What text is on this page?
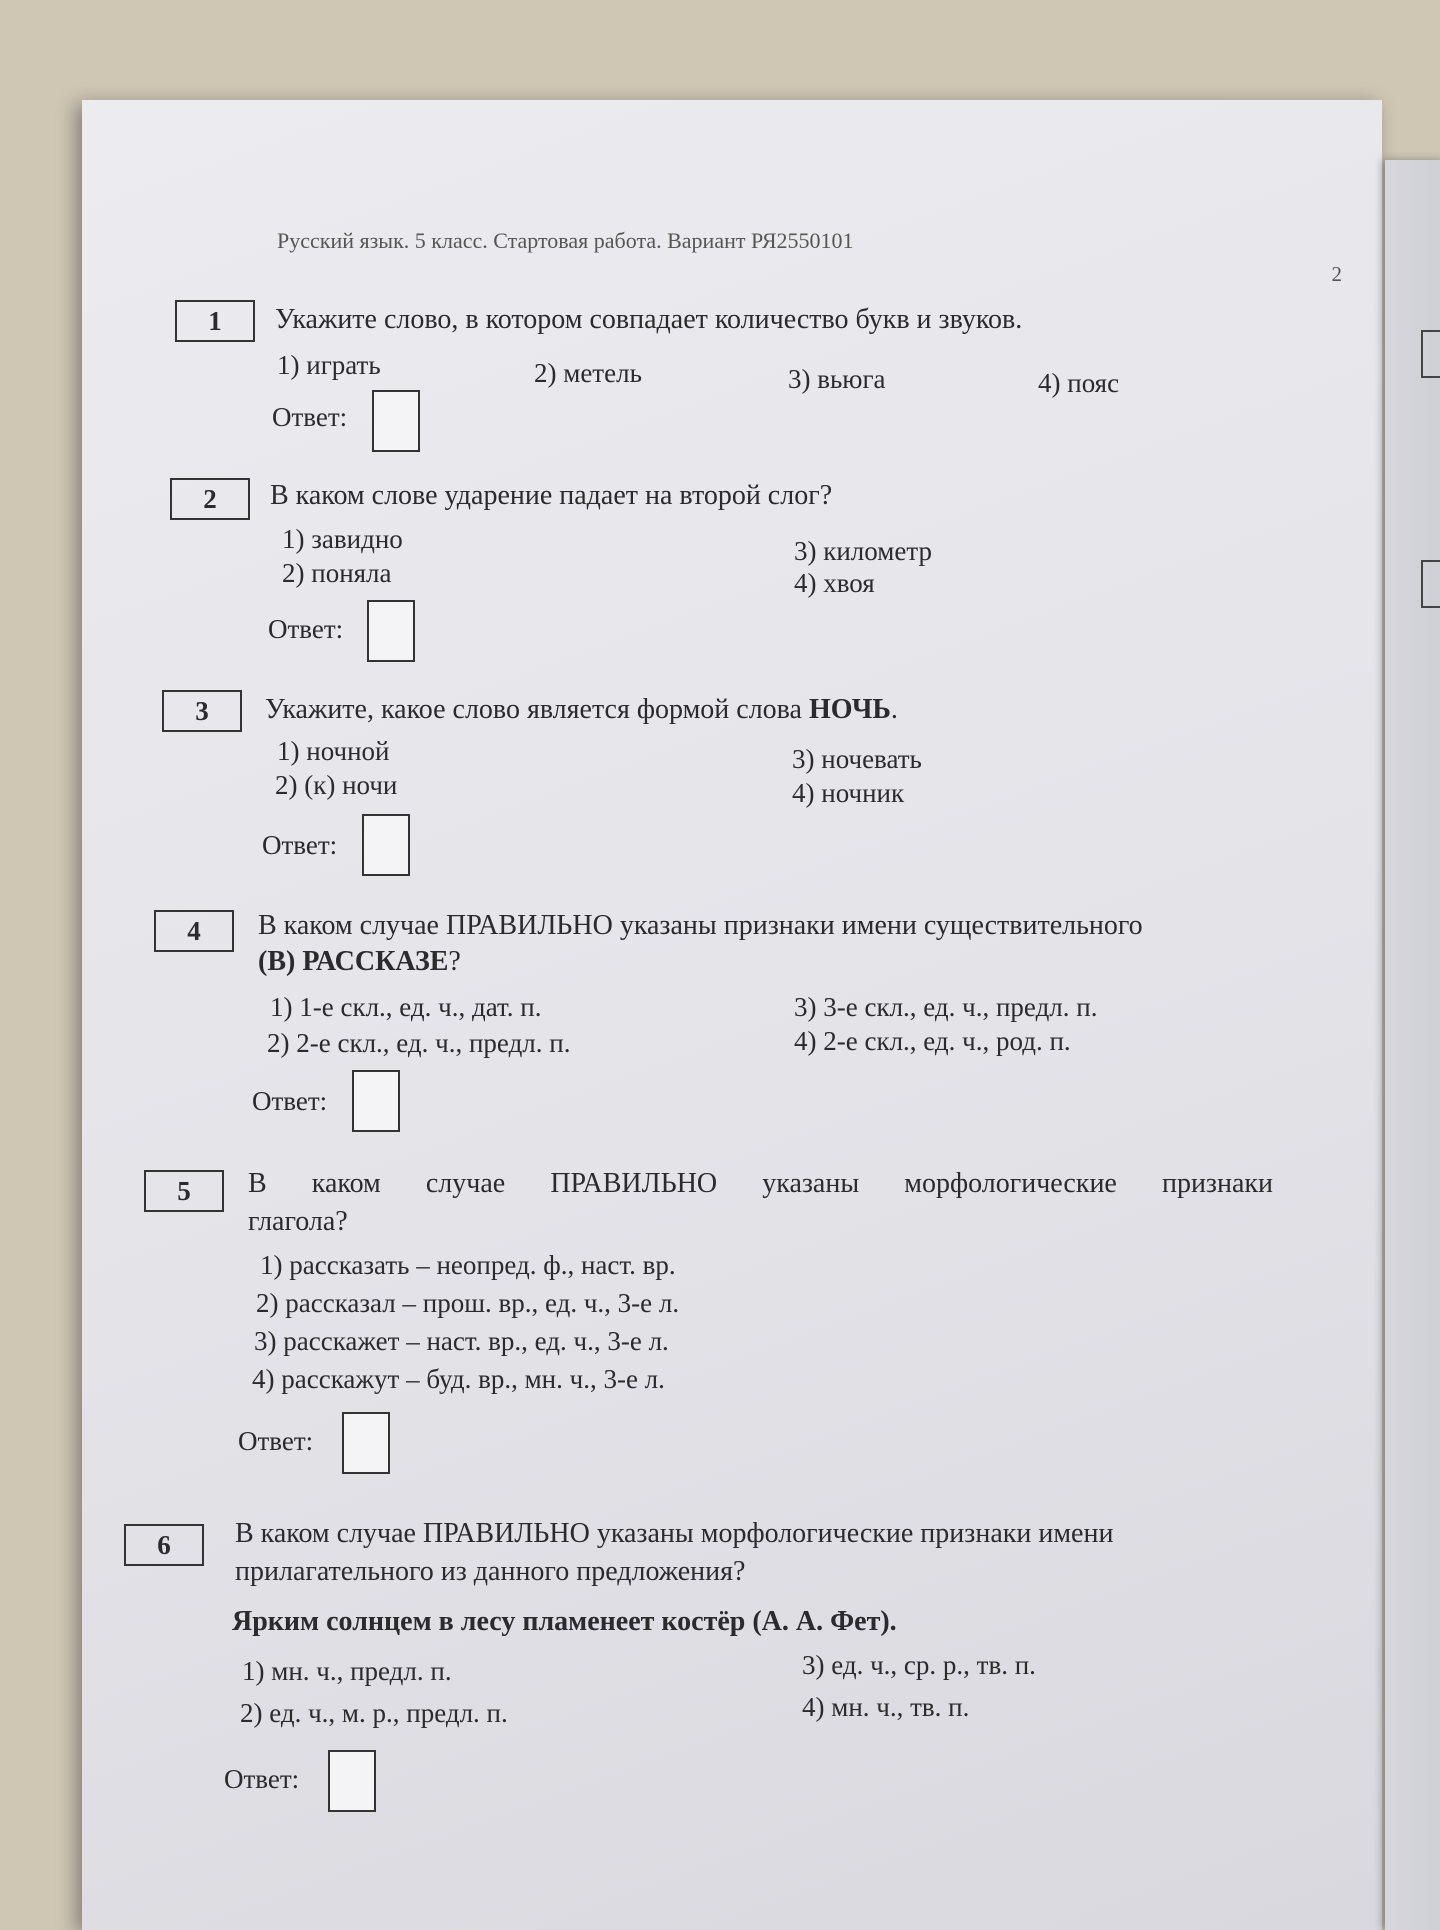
Русский язык. 5 класс. Стартовая работа. Вариант РЯ2550101
2
1	Укажите слово, в котором совпадает количество букв и звуков.
1) играть	2) метель	3) вьюга	4) пояс
Ответ:
2	В каком слове ударение падает на второй слог?
1) завидно
2) поняла
3) километр
4) хвоя
Ответ:
3	Укажите, какое слово является формой слова НОЧЬ.
1) ночной
2) (к) ночи
3) ночевать
4) ночник
Ответ:
4	В каком случае ПРАВИЛЬНО указаны признаки имени существительного
(В) РАССКАЗЕ?
1) 1-е скл., ед. ч., дат. п.
2) 2-е скл., ед. ч., предл. п.
3) 3-е скл., ед. ч., предл. п.
4) 2-е скл., ед. ч., род. п.
Ответ:
5	В каком случае ПРАВИЛЬНО указаны морфологические признаки
глагола?
1) рассказать – неопред. ф., наст. вр.
2) рассказал – прош. вр., ед. ч., 3-е л.
3) расскажет – наст. вр., ед. ч., 3-е л.
4) расскажут – буд. вр., мн. ч., 3-е л.
Ответ:
6	В каком случае ПРАВИЛЬНО указаны морфологические признаки имени
прилагательного из данного предложения?
Ярким солнцем в лесу пламенеет костёр (А. А. Фет).
1) мн. ч., предл. п.
2) ед. ч., м. р., предл. п.
3) ед. ч., ср. р., тв. п.
4) мн. ч., тв. п.
Ответ:
